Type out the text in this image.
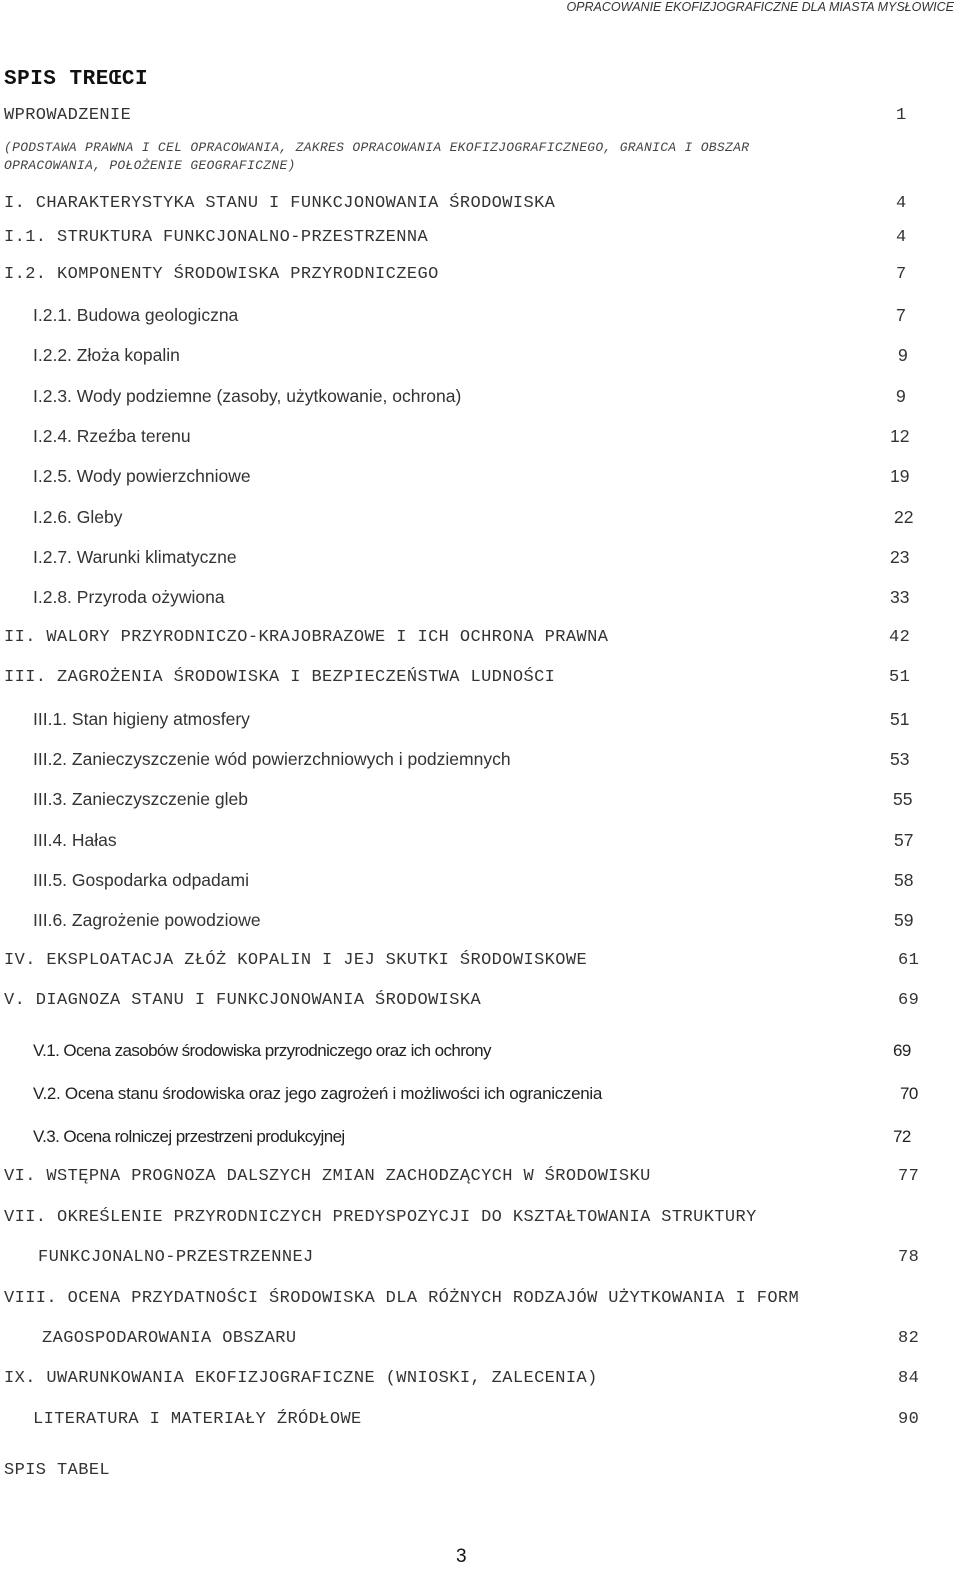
OPRACOWANIE EKOFIZJOGRAFICZNE DLA MIASTA MYSŁOWICE
SPIS TREŒCI
WPROWADZENIE	1
(PODSTAWA PRAWNA I CEL OPRACOWANIA, ZAKRES OPRACOWANIA EKOFIZJOGRAFICZNEGO, GRANICA I OBSZAR
OPRACOWANIA, POŁOŻENIE GEOGRAFICZNE)
I. CHARAKTERYSTYKA STANU I FUNKCJONOWANIA ŚRODOWISKA	4
I.1. STRUKTURA FUNKCJONALNO-PRZESTRZENNA	4
I.2. KOMPONENTY ŚRODOWISKA PRZYRODNICZEGO	7
I.2.1. Budowa geologiczna	7
I.2.2. Złoża kopalin	9
I.2.3. Wody podziemne (zasoby, użytkowanie, ochrona)	9
I.2.4. Rzeźba terenu	12
I.2.5. Wody powierzchniowe	19
I.2.6. Gleby	22
I.2.7. Warunki klimatyczne	23
I.2.8. Przyroda ożywiona	33
II. WALORY PRZYRODNICZO-KRAJOBRAZOWE I ICH OCHRONA PRAWNA	42
III. ZAGROŻENIA ŚRODOWISKA I BEZPIECZEŃSTWA LUDNOŚCI	51
III.1. Stan higieny atmosfery	51
III.2. Zanieczyszczenie wód powierzchniowych i podziemnych	53
III.3. Zanieczyszczenie gleb	55
III.4. Hałas	57
III.5. Gospodarka odpadami	58
III.6. Zagrożenie powodziowe	59
IV. EKSPLOATACJA ZŁÓŻ KOPALIN I JEJ SKUTKI ŚRODOWISKOWE	61
V. DIAGNOZA STANU I FUNKCJONOWANIA ŚRODOWISKA	69
V.1. Ocena zasobów środowiska przyrodniczego oraz ich ochrony	69
V.2. Ocena stanu środowiska oraz jego zagrożeń i możliwości ich ograniczenia	70
V.3. Ocena rolniczej przestrzeni produkcyjnej	72
VI. WSTĘPNA PROGNOZA DALSZYCH ZMIAN ZACHODZĄCYCH W ŚRODOWISKU	77
VII. OKREŚLENIE PRZYRODNICZYCH PREDYSPOZYCJI DO KSZTAŁTOWANIA STRUKTURY
FUNKCJONALNO-PRZESTRZENNEJ	78
VIII. OCENA PRZYDATNOŚCI ŚRODOWISKA DLA RÓŻNYCH RODZAJÓW UŻYTKOWANIA I FORM
ZAGOSPODAROWANIA OBSZARU	82
IX. UWARUNKOWANIA EKOFIZJOGRAFICZNE (WNIOSKI, ZALECENIA)	84
LITERATURA I MATERIAŁY ŹRÓDŁOWE	90
SPIS TABEL
3
